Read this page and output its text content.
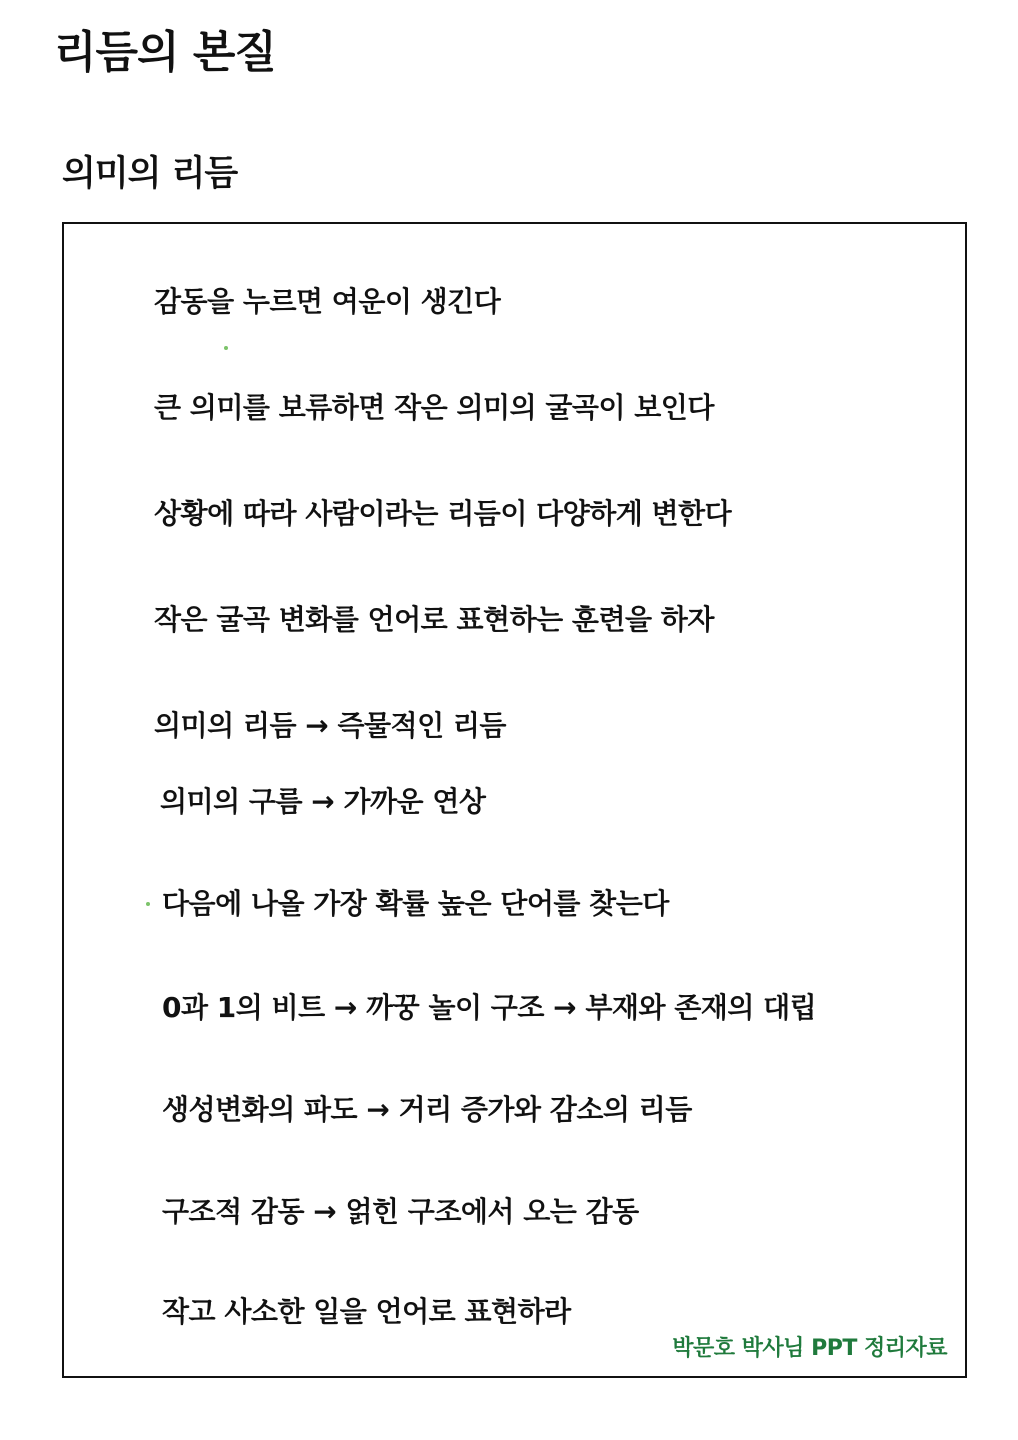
리듬의 본질
의미의 리듬
감동을 누르면 여운이 생긴다
큰 의미를 보류하면 작은 의미의 굴곡이 보인다
상황에 따라 사람이라는 리듬이 다양하게 변한다
작은 굴곡 변화를 언어로 표현하는 훈련을 하자
의미의 리듬 → 즉물적인 리듬
의미의 구름 → 가까운 연상
다음에 나올 가장 확률 높은 단어를 찾는다
0과 1의 비트 → 까꿍 놀이 구조 → 부재와 존재의 대립
생성변화의 파도 → 거리 증가와 감소의 리듬
구조적 감동 → 얽힌 구조에서 오는 감동
작고 사소한 일을 언어로 표현하라
박문호 박사님 PPT 정리자료
